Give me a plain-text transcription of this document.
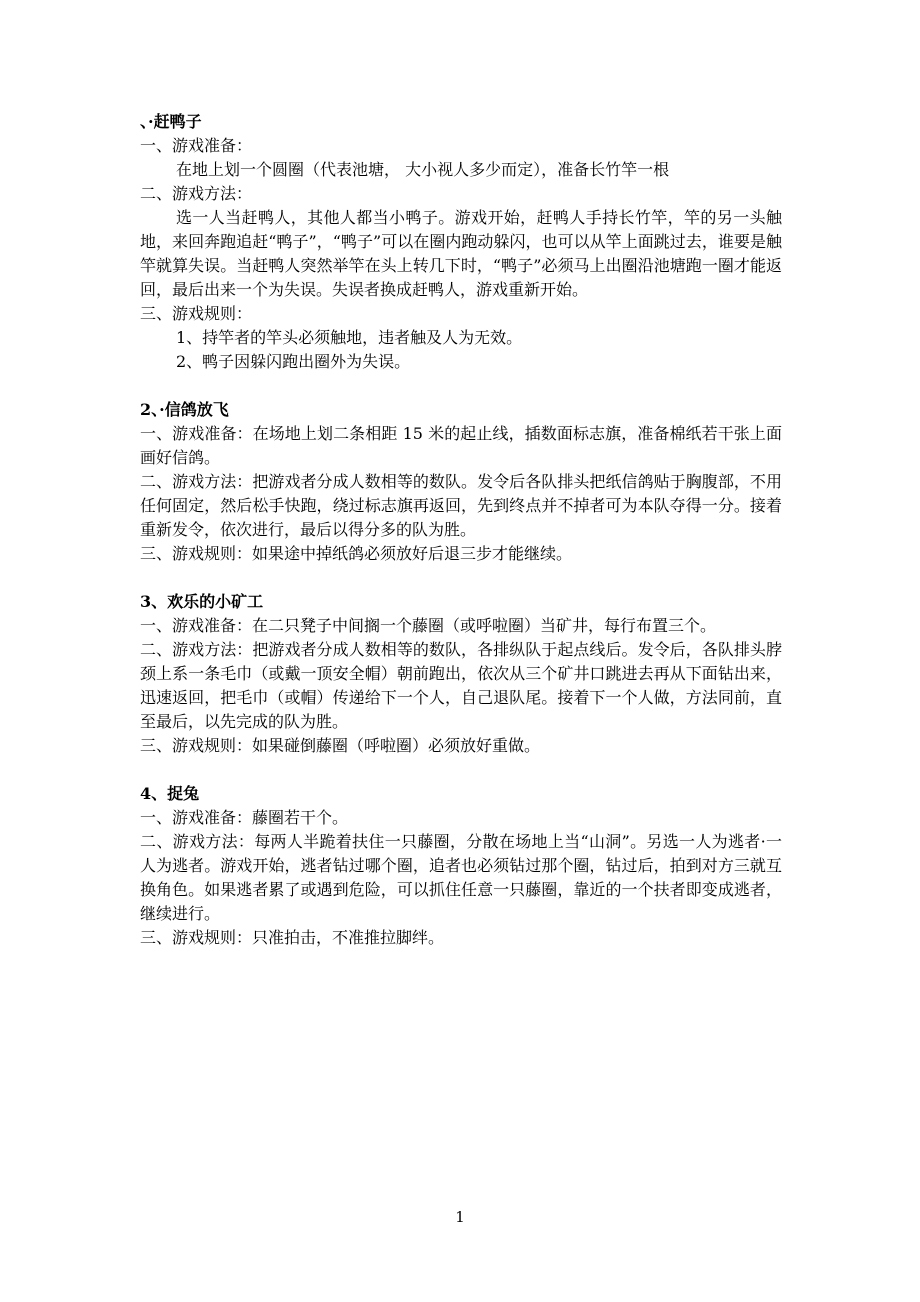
、·赶鸭子

一、游戏准备：

在地上划一个圆圈（代表池塘， 大小视人多少而定），准备长竹竿一根

二、游戏方法：

选一人当赶鸭人，其他人都当小鸭子。游戏开始，赶鸭人手持长竹竿，竿的另一头触地，来回奔跑追赶“鸭子”，“鸭子”可以在圈内跑动躲闪，也可以从竿上面跳过去，谁要是触竿就算失误。当赶鸭人突然举竿在头上转几下时，“鸭子”必须马上出圈沿池塘跑一圈才能返回，最后出来一个为失误。失误者换成赶鸭人，游戏重新开始。

三、游戏规则：

1、持竿者的竿头必须触地，违者触及人为无效。

2、鸭子因躲闪跑出圈外为失误。

2、·信鸽放飞

一、游戏准备：在场地上划二条相距 15 米的起止线，插数面标志旗，准备棉纸若干张上面画好信鸽。

二、游戏方法：把游戏者分成人数相等的数队。发令后各队排头把纸信鸽贴于胸腹部，不用任何固定，然后松手快跑，绕过标志旗再返回，先到终点并不掉者可为本队夺得一分。接着重新发令，依次进行，最后以得分多的队为胜。

三、游戏规则：如果途中掉纸鸽必须放好后退三步才能继续。

3、欢乐的小矿工

一、游戏准备：在二只凳子中间搁一个藤圈（或呼啦圈）当矿井，每行布置三个。

二、游戏方法：把游戏者分成人数相等的数队，各排纵队于起点线后。发令后，各队排头脖颈上系一条毛巾（或戴一顶安全帽）朝前跑出，依次从三个矿井口跳进去再从下面钻出来，迅速返回，把毛巾（或帽）传递给下一个人，自己退队尾。接着下一个人做，方法同前，直至最后，以先完成的队为胜。

三、游戏规则：如果碰倒藤圈（呼啦圈）必须放好重做。

4、捉兔

一、游戏准备：藤圈若干个。

二、游戏方法：每两人半跪着扶住一只藤圈，分散在场地上当“山洞”。另选一人为逃者·一人为逃者。游戏开始，逃者钻过哪个圈，追者也必须钻过那个圈，钻过后，拍到对方三就互换角色。如果逃者累了或遇到危险，可以抓住任意一只藤圈，靠近的一个扶者即变成逃者，继续进行。

三、游戏规则：只准拍击，不准推拉脚绊。

1
